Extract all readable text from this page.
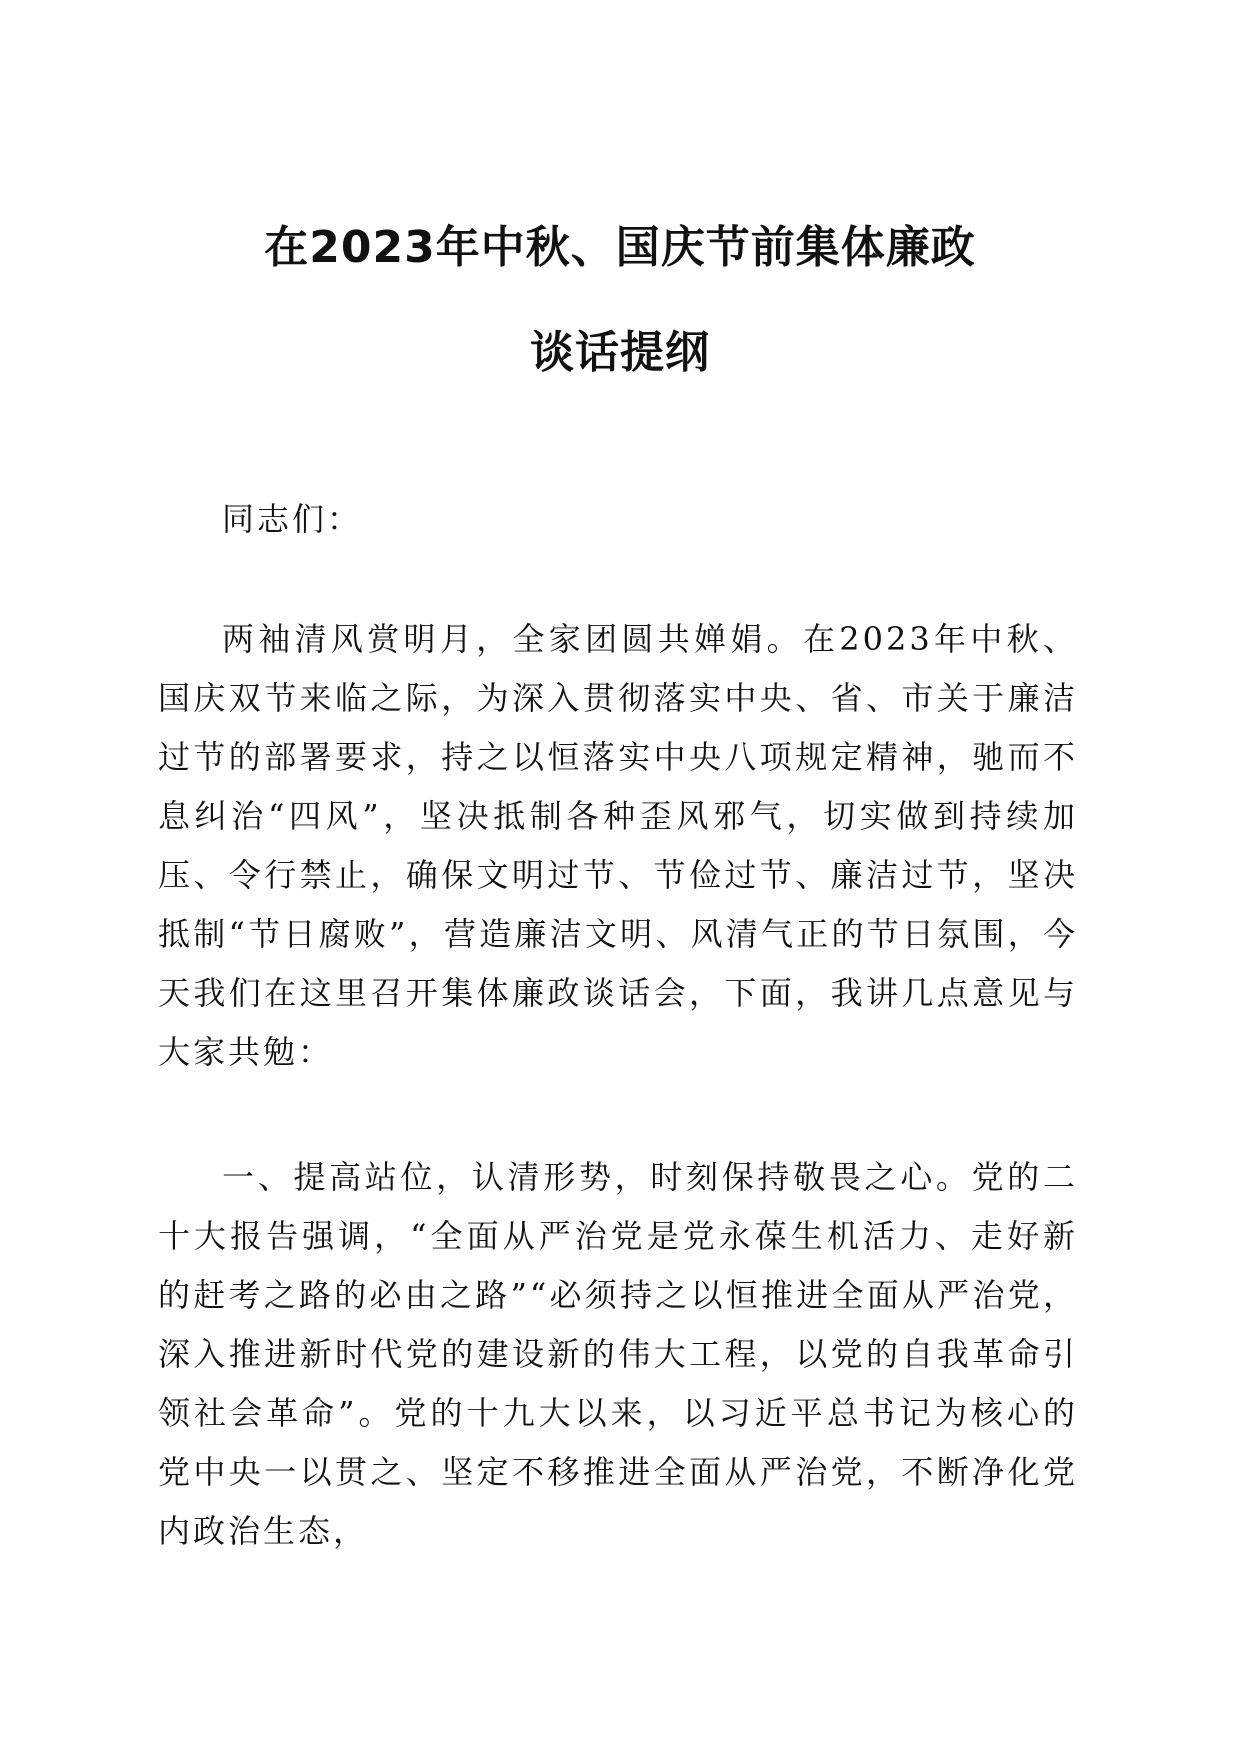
在2023年中秋、国庆节前集体廉政
谈话提纲

同志们：

两袖清风赏明月，全家团圆共婵娟。在2023年中秋、国庆双节来临之际，为深入贯彻落实中央、省、市关于廉洁过节的部署要求，持之以恒落实中央八项规定精神，驰而不息纠治“四风”，坚决抵制各种歪风邪气，切实做到持续加压、令行禁止，确保文明过节、节俭过节、廉洁过节，坚决抵制“节日腐败”，营造廉洁文明、风清气正的节日氛围，今天我们在这里召开集体廉政谈话会，下面，我讲几点意见与大家共勉：

一、提高站位，认清形势，时刻保持敬畏之心。党的二十大报告强调，“全面从严治党是党永葆生机活力、走好新的赶考之路的必由之路”“必须持之以恒推进全面从严治党，深入推进新时代党的建设新的伟大工程，以党的自我革命引领社会革命”。党的十九大以来，以习近平总书记为核心的党中央一以贯之、坚定不移推进全面从严治党，不断净化党内政治生态，
